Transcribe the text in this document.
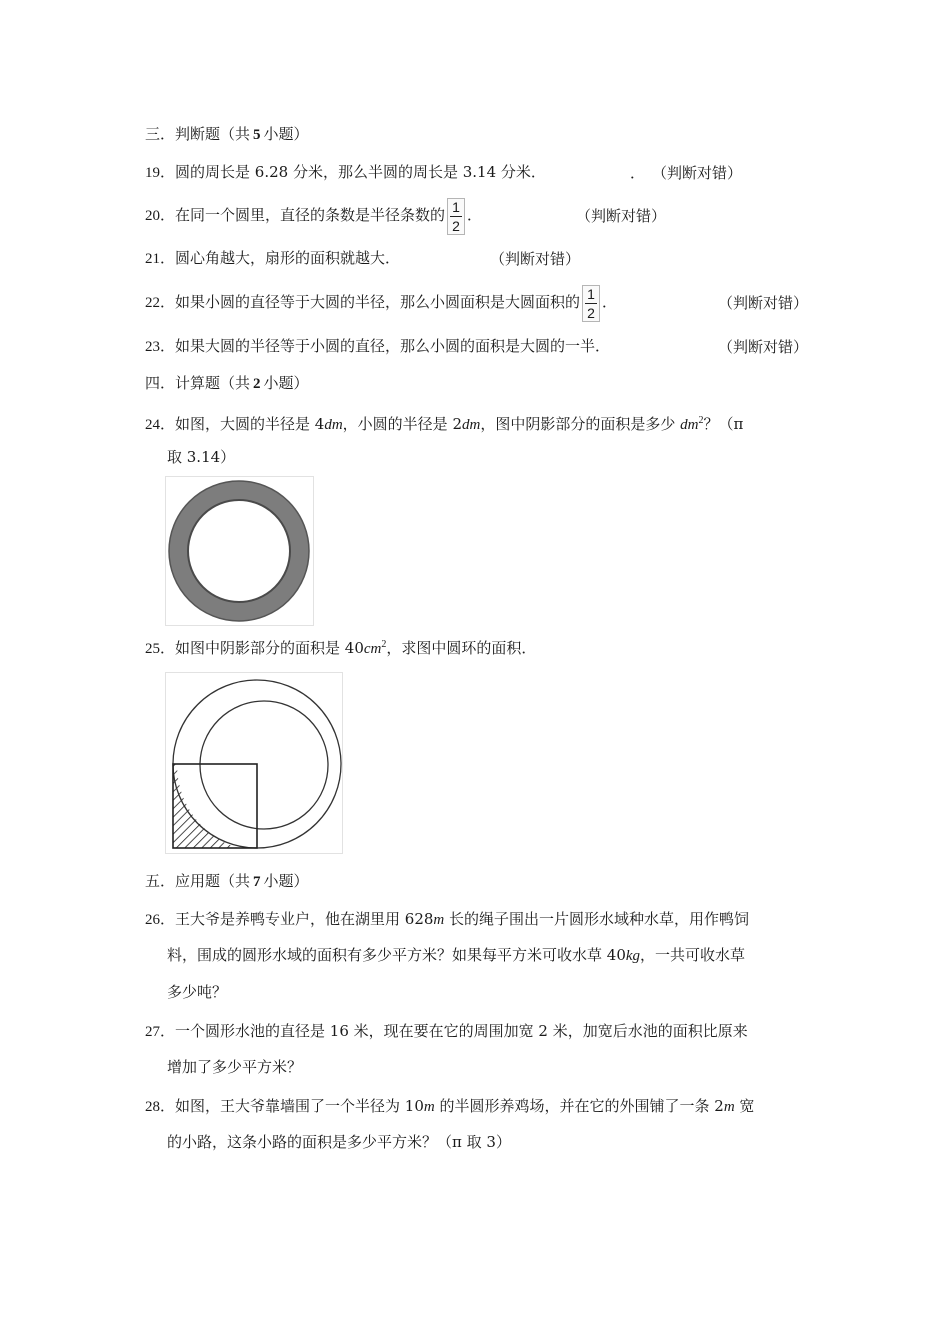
三．判断题（共 5 小题）
19．圆的周长是 6.28 分米，那么半圆的周长是 3.14 分米．	． （判断对错）
20．在同一个圆里，直径的条数是半径条数的 $\frac{1}{2}$ ．	（判断对错）
21．圆心角越大，扇形的面积就越大．	（判断对错）
22．如果小圆的直径等于大圆的半径，那么小圆面积是大圆面积的 $\frac{1}{2}$ ．	（判断对错）
23．如果大圆的半径等于小圆的直径，那么小圆的面积是大圆的一半．	（判断对错）
四．计算题（共 2 小题）
24．如图，大圆的半径是 4dm，小圆的半径是 2dm，图中阴影部分的面积是多少 $dm^2$？（π
取 3.14）
25．如图中阴影部分的面积是 $40cm^2$，求图中圆环的面积．
五．应用题（共 7 小题）
26．王大爷是养鸭专业户，他在湖里用 628m 长的绳子围出一片圆形水域种水草，用作鸭饲
料，围成的圆形水域的面积有多少平方米？如果每平方米可收水草 40kg，一共可收水草
多少吨？
27．一个圆形水池的直径是 16 米，现在要在它的周围加宽 2 米，加宽后水池的面积比原来
增加了多少平方米？
28．如图，王大爷靠墙围了一个半径为 10m 的半圆形养鸡场，并在它的外围铺了一条 2m 宽
的小路，这条小路的面积是多少平方米？（π 取 3）
